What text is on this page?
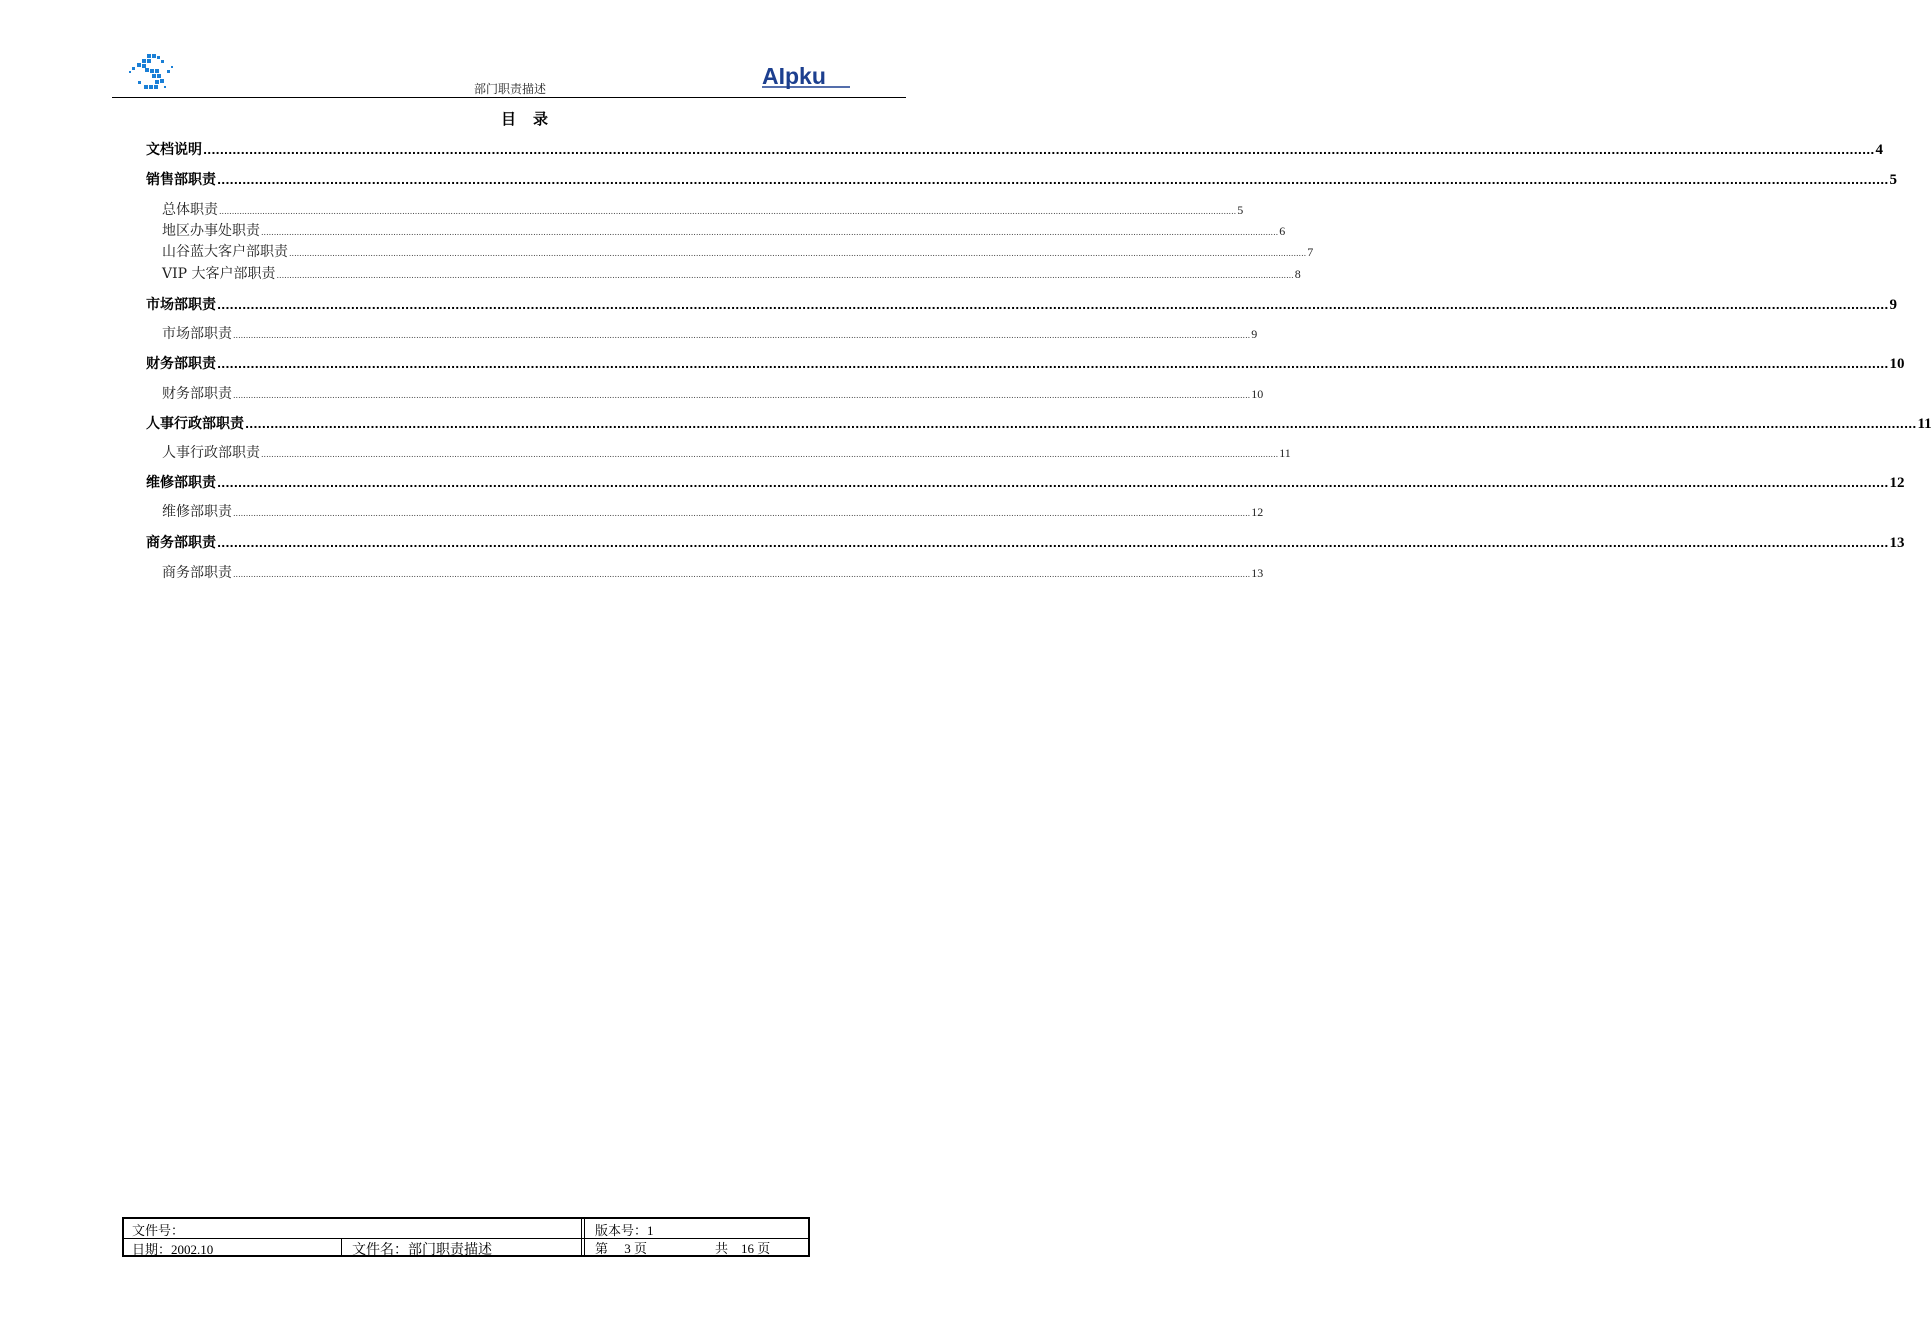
部门职责描述	AIpku
目　录
文档说明 ................................................................................................................................................................................................................................................................................................................................................................................................................ 4
销售部职责 ................................................................................................................................................................................................................................................................................................................................................................................................................ 5
总体职责 ................................................................................................................................................................................................................................................................................................................................................................................................................ 5
地区办事处职责 ................................................................................................................................................................................................................................................................................................................................................................................................................ 6
山谷蓝大客户部职责 ................................................................................................................................................................................................................................................................................................................................................................................................................ 7
VIP 大客户部职责 ................................................................................................................................................................................................................................................................................................................................................................................................................ 8
市场部职责 ................................................................................................................................................................................................................................................................................................................................................................................................................ 9
市场部职责 ................................................................................................................................................................................................................................................................................................................................................................................................................ 9
财务部职责 ................................................................................................................................................................................................................................................................................................................................................................................................................ 10
财务部职责 ................................................................................................................................................................................................................................................................................................................................................................................................................ 10
人事行政部职责 ................................................................................................................................................................................................................................................................................................................................................................................................................ 11
人事行政部职责 ................................................................................................................................................................................................................................................................................................................................................................................................................ 11
维修部职责 ................................................................................................................................................................................................................................................................................................................................................................................................................ 12
维修部职责 ................................................................................................................................................................................................................................................................................................................................................................................................................ 12
商务部职责 ................................................................................................................................................................................................................................................................................................................................................................................................................ 13
商务部职责 ................................................................................................................................................................................................................................................................................................................................................................................................................ 13
文件号：	版本号：1
日期：2002.10	文件名：部门职责描述	第　 3 页	共　16 页
